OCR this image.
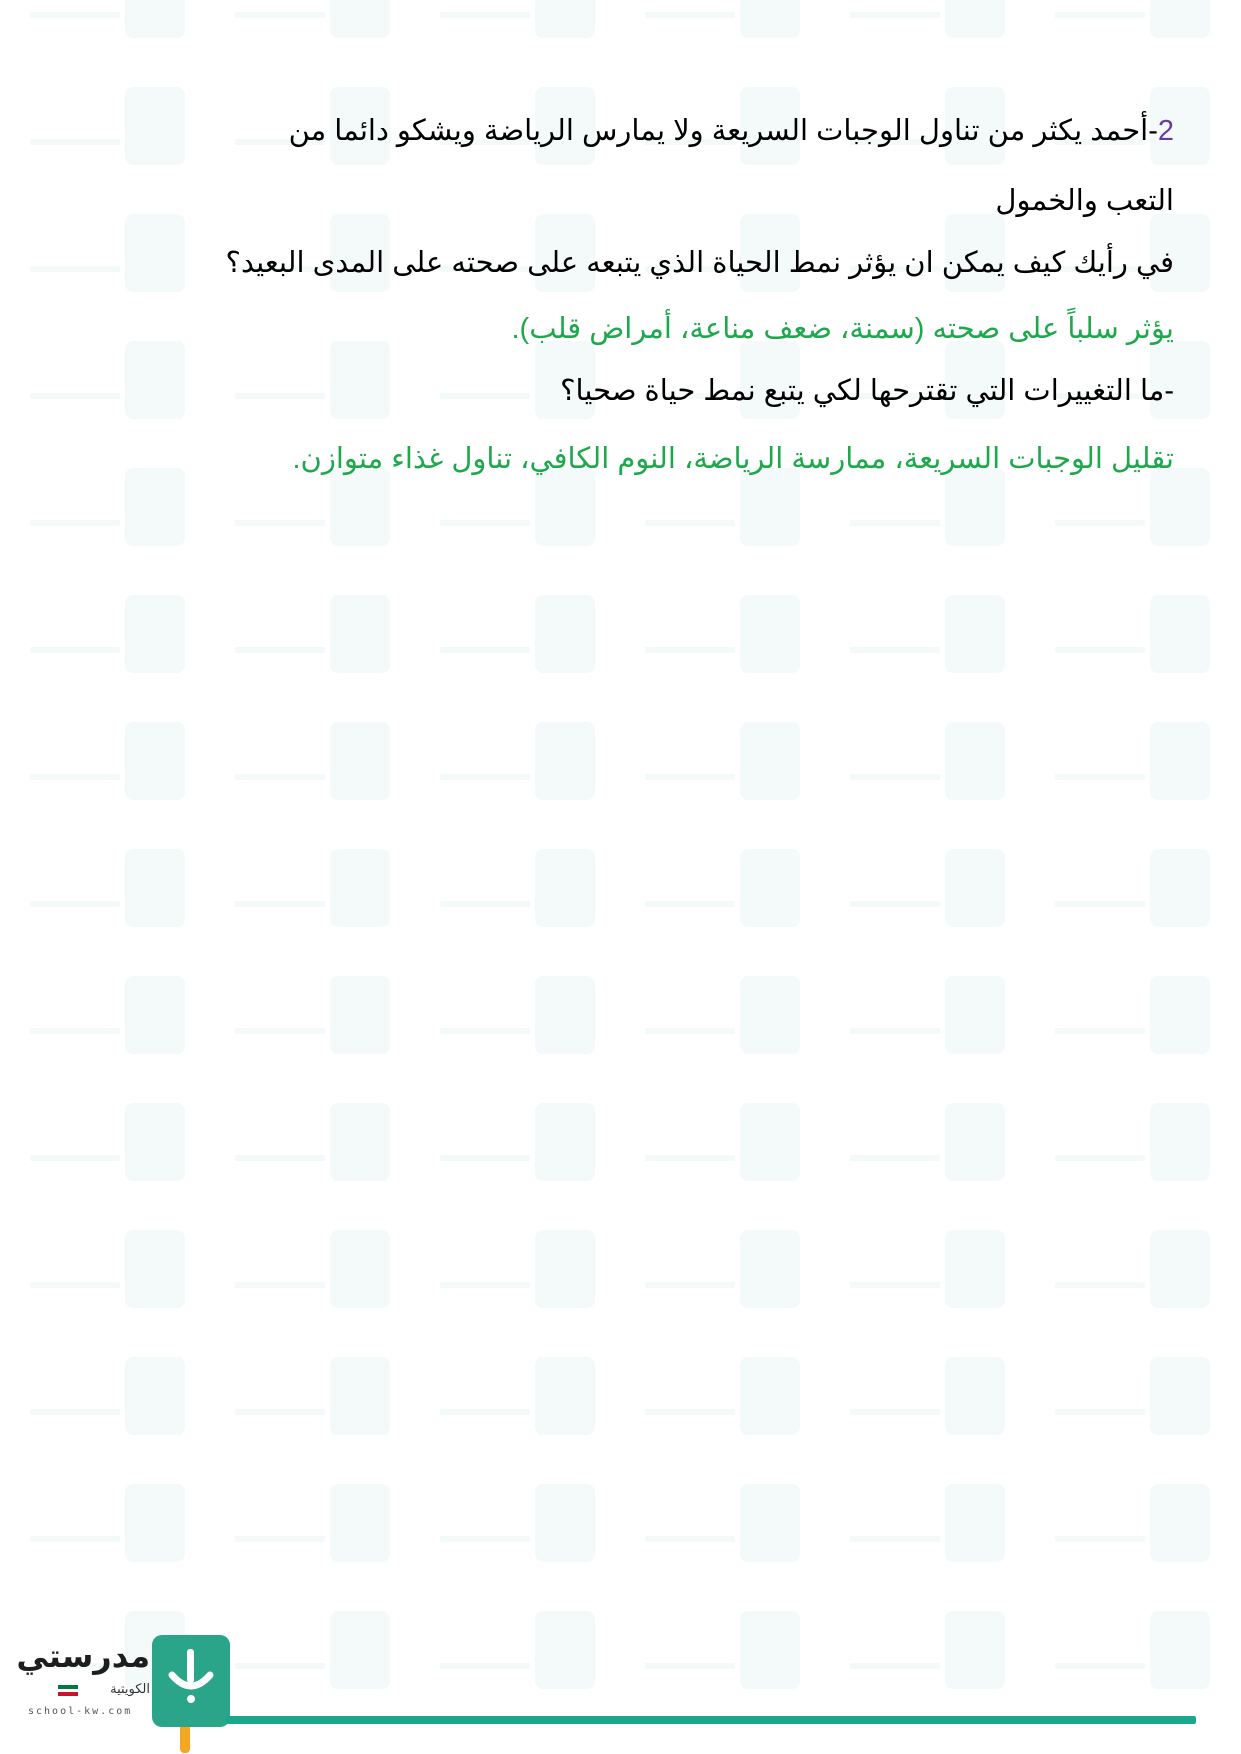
2-أحمد يكثر من تناول الوجبات السريعة ولا يمارس الرياضة ويشكو دائما من
التعب والخمول
في رأيك كيف يمكن ان يؤثر نمط الحياة الذي يتبعه على صحته على المدى البعيد؟
يؤثر سلباً على صحته (سمنة، ضعف مناعة، أمراض قلب).
-ما التغييرات التي تقترحها لكي يتبع نمط حياة صحيا؟
تقليل الوجبات السريعة، ممارسة الرياضة، النوم الكافي، تناول غذاء متوازن.
مدرستي
الكويتية
school-kw.com
